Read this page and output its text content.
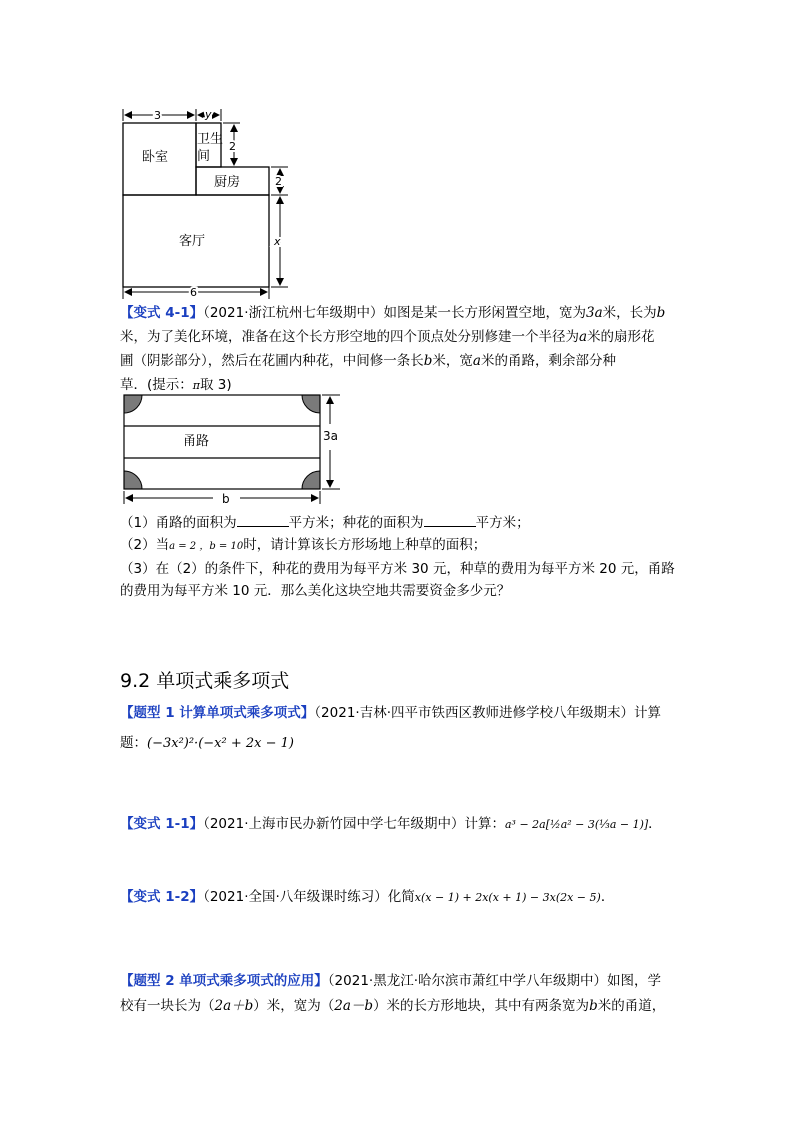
卧室
卫生
间
厨房
客厅
3	y
2
2
x
6
【变式 4-1】（2021·浙江杭州七年级期中）如图是某一长方形闲置空地，宽为3a米，长为b
米，为了美化环境，准备在这个长方形空地的四个顶点处分别修建一个半径为a米的扇形花
圃（阴影部分），然后在花圃内种花，中间修一条长b米，宽a米的甬路，剩余部分种
草．(提示：π取 3)
甬路	3a
b
（1）甬路的面积为	平方米；种花的面积为	平方米；
（2）当a = 2 ，b = 10时，请计算该长方形场地上种草的面积；
（3）在（2）的条件下，种花的费用为每平方米 30 元，种草的费用为每平方米 20 元，甬路
的费用为每平方米 10 元．那么美化这块空地共需要资金多少元？
9.2 单项式乘多项式
【题型 1 计算单项式乘多项式】（2021·吉林·四平市铁西区教师进修学校八年级期末）计算
题：(−3x²)²·(−x² + 2x − 1)
【变式 1-1】（2021·上海市民办新竹园中学七年级期中）计算：a³ − 2a[½a² − 3(⅓a − 1)]．
【变式 1-2】（2021·全国·八年级课时练习）化简x(x − 1) + 2x(x + 1) − 3x(2x − 5)．
【题型 2 单项式乘多项式的应用】（2021·黑龙江·哈尔滨市萧红中学八年级期中）如图，学
校有一块长为（2a＋b）米，宽为（2a－b）米的长方形地块，其中有两条宽为b米的甬道，
